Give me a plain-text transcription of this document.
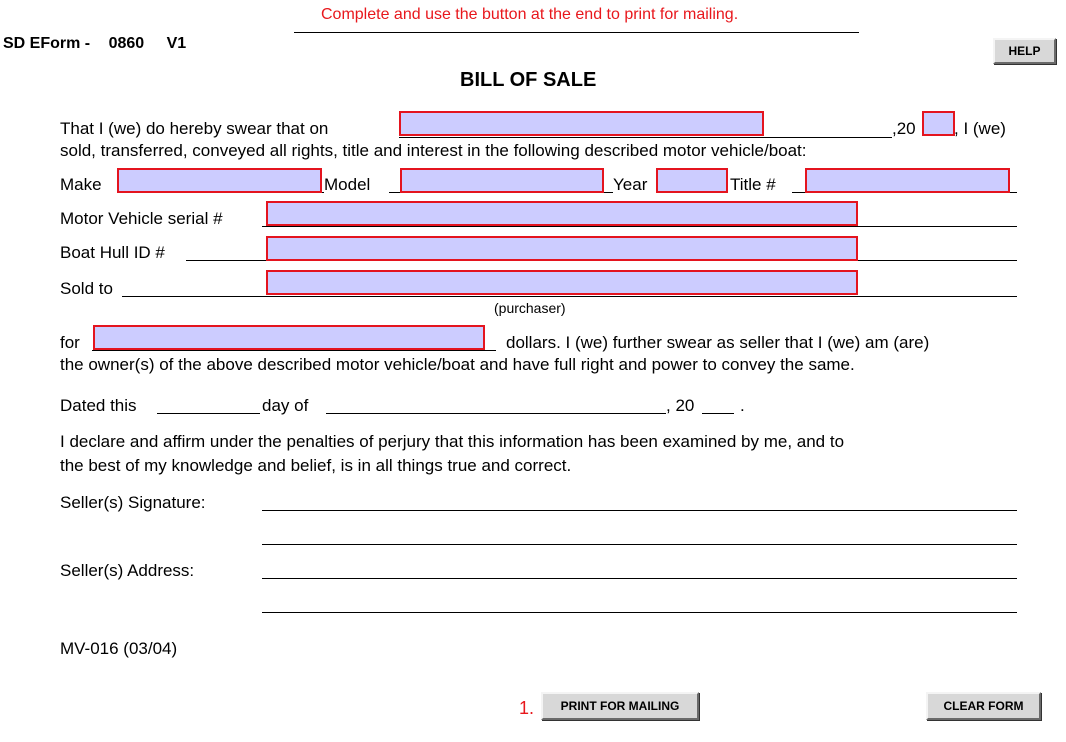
Complete and use the button at the end to print for mailing.
SD EForm - 0860 V1	HELP
BILL OF SALE
That I (we) do hereby swear that on	,20 , I (we)
sold, transferred, conveyed all rights, title and interest in the following described motor vehicle/boat:
Make	Model	Year	Title #
Motor Vehicle serial #
Boat Hull ID #
Sold to
(purchaser)
for	dollars. I (we) further swear as seller that I (we) am (are)
the owner(s) of the above described motor vehicle/boat and have full right and power to convey the same.
Dated this	day of	, 20	.
I declare and affirm under the penalties of perjury that this information has been examined by me, and to
the best of my knowledge and belief, is in all things true and correct.
Seller(s) Signature:
Seller(s) Address:
MV-016 (03/04)
1.	PRINT FOR MAILING	CLEAR FORM
